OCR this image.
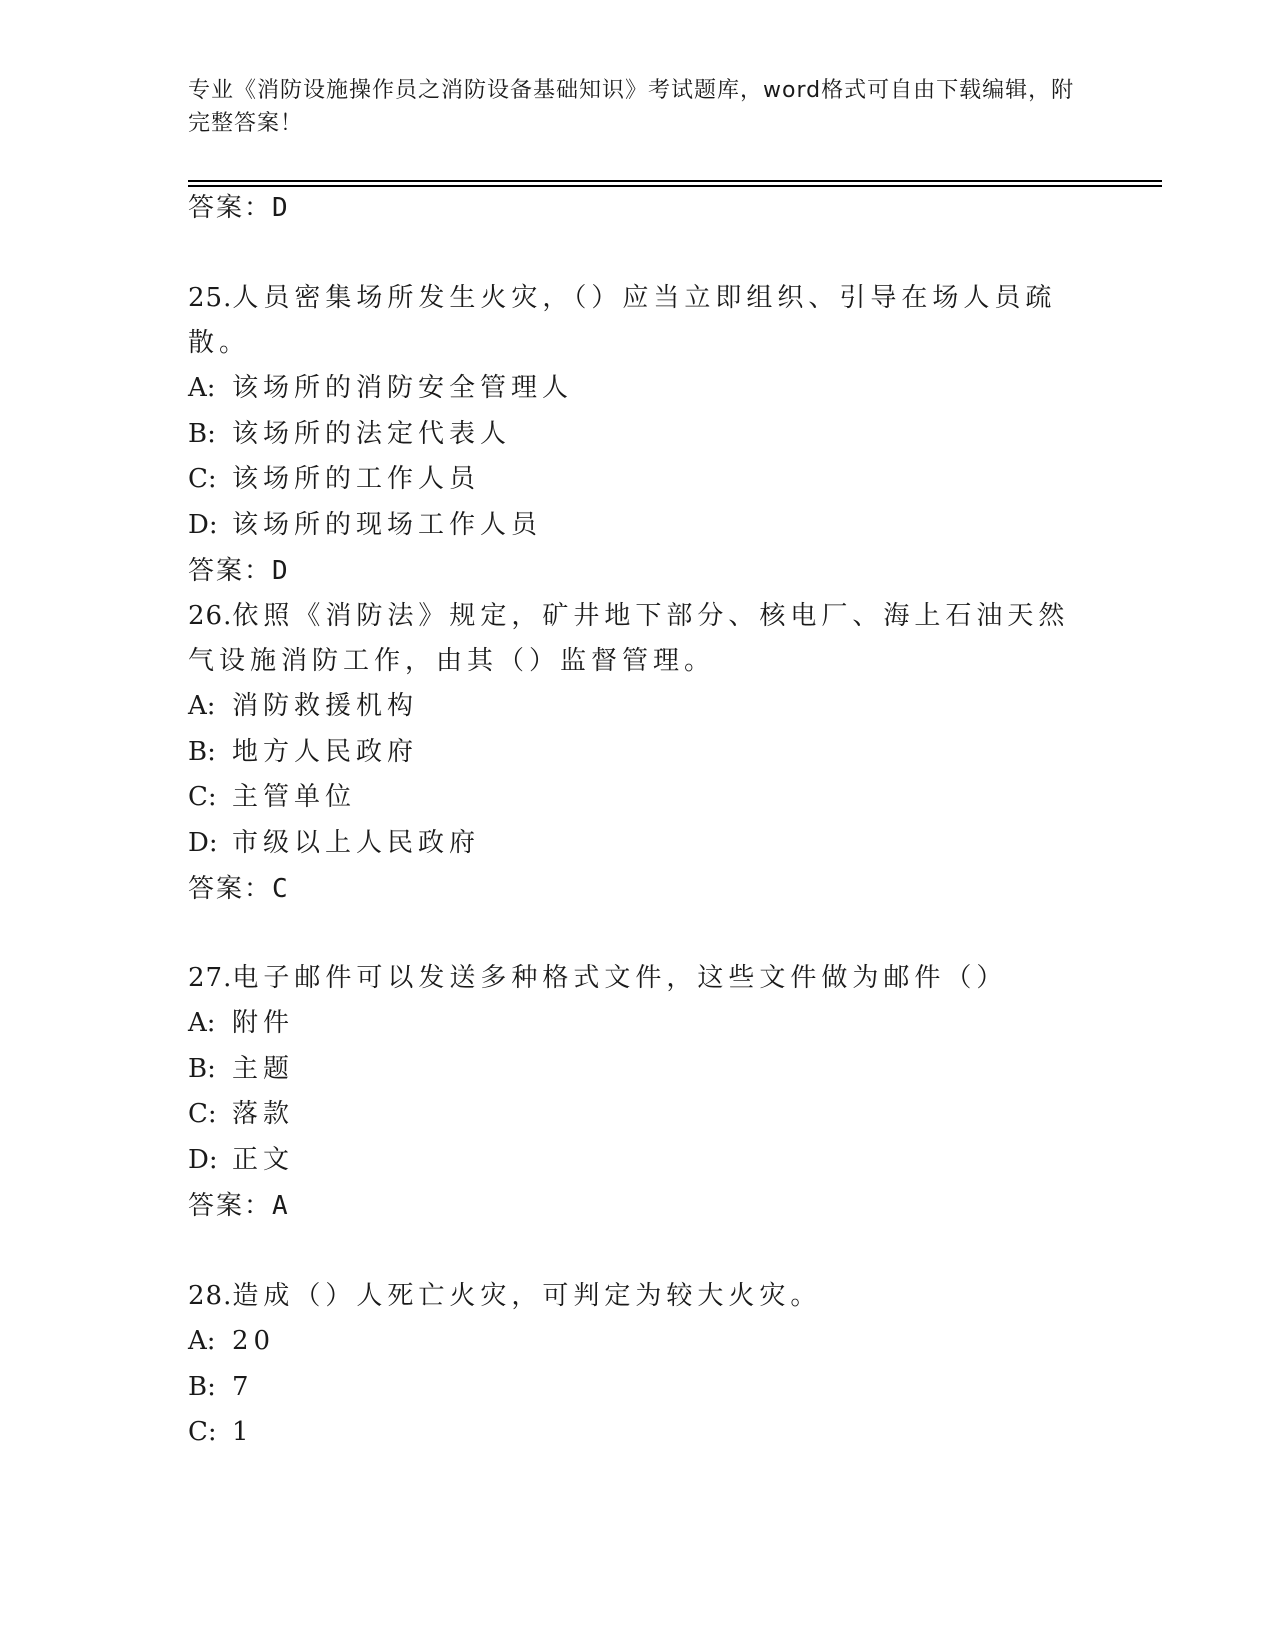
专业《消防设施操作员之消防设备基础知识》考试题库，word格式可自由下载编辑，附完整答案！
答案：D

25.人员密集场所发生火灾，（）应当立即组织、引导在场人员疏散。

A: 该场所的消防安全管理人
B: 该场所的法定代表人
C: 该场所的工作人员
D: 该场所的现场工作人员
答案：D

26.依照《消防法》规定，矿井地下部分、核电厂、海上石油天然气设施消防工作，由其（）监督管理。

A: 消防救援机构
B: 地方人民政府
C: 主管单位
D: 市级以上人民政府
答案：C

27.电子邮件可以发送多种格式文件，这些文件做为邮件（）

A: 附件
B: 主题
C: 落款
D: 正文
答案：A

28.造成（）人死亡火灾，可判定为较大火灾。

A: 20
B: 7
C: 1
